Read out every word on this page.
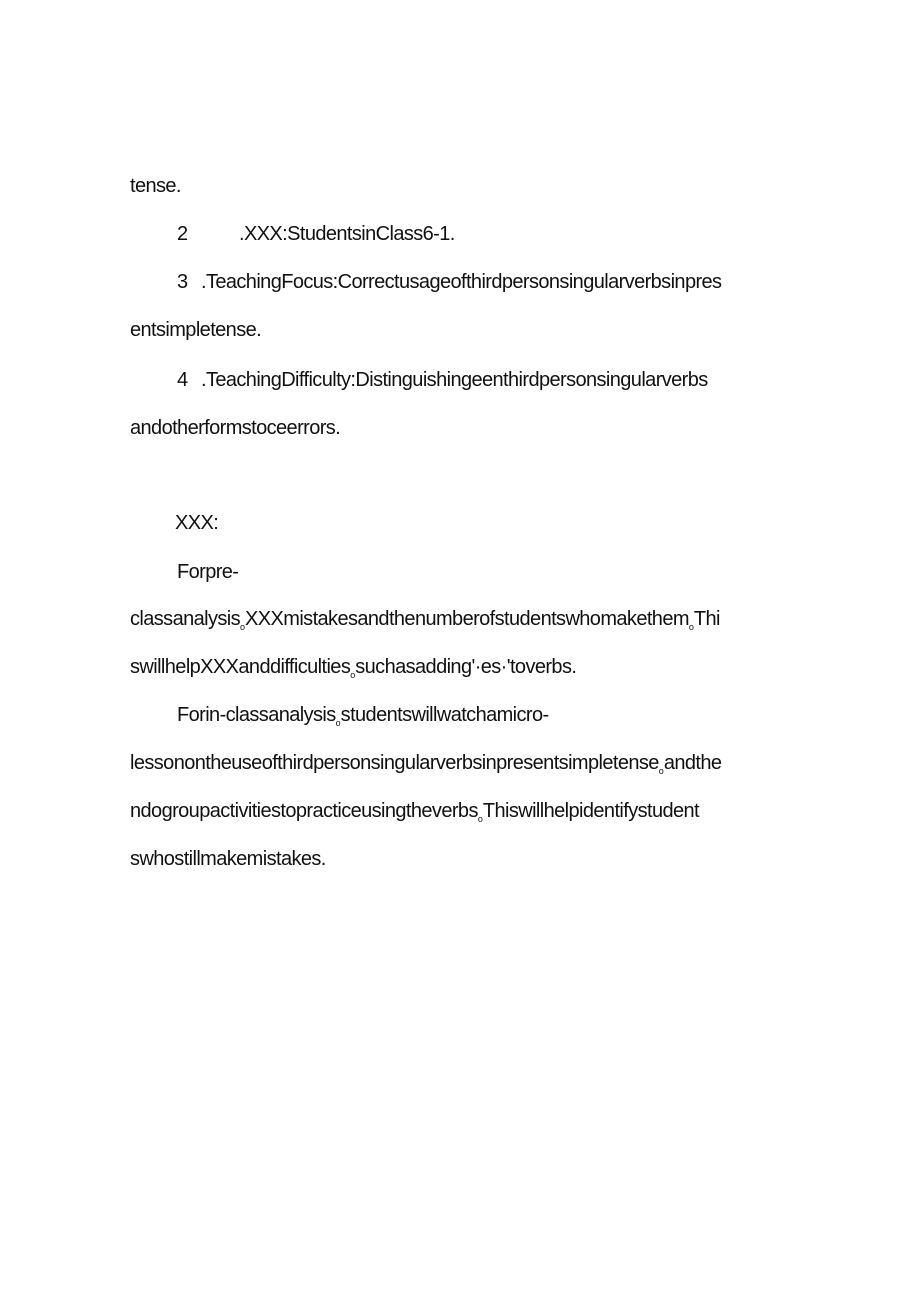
tense.
2	.XXX:StudentsinClass6-1.
3 .TeachingFocus:Correctusageofthirdpersonsingularverbsinpres
entsimpletense.
4 .TeachingDifficulty:Distinguishingeenthirdpersonsingularverbs
andotherformstoceerrors.
XXX:
Forpre-
classanalysis$_o$XXXmistakesandthenumberofstudentswhomakethem$_o$Thi
swillhelpXXXanddifficulties$_o$suchasadding'·es·'toverbs.
Forin-classanalysis$_o$studentswillwatchamicro-
lessonontheuseofthirdpersonsingularverbsinpresentsimpletense$_o$andthe
ndogroupactivitiestopracticeusingtheverbs$_o$Thiswillhelpidentifystudent
swhostillmakemistakes.
